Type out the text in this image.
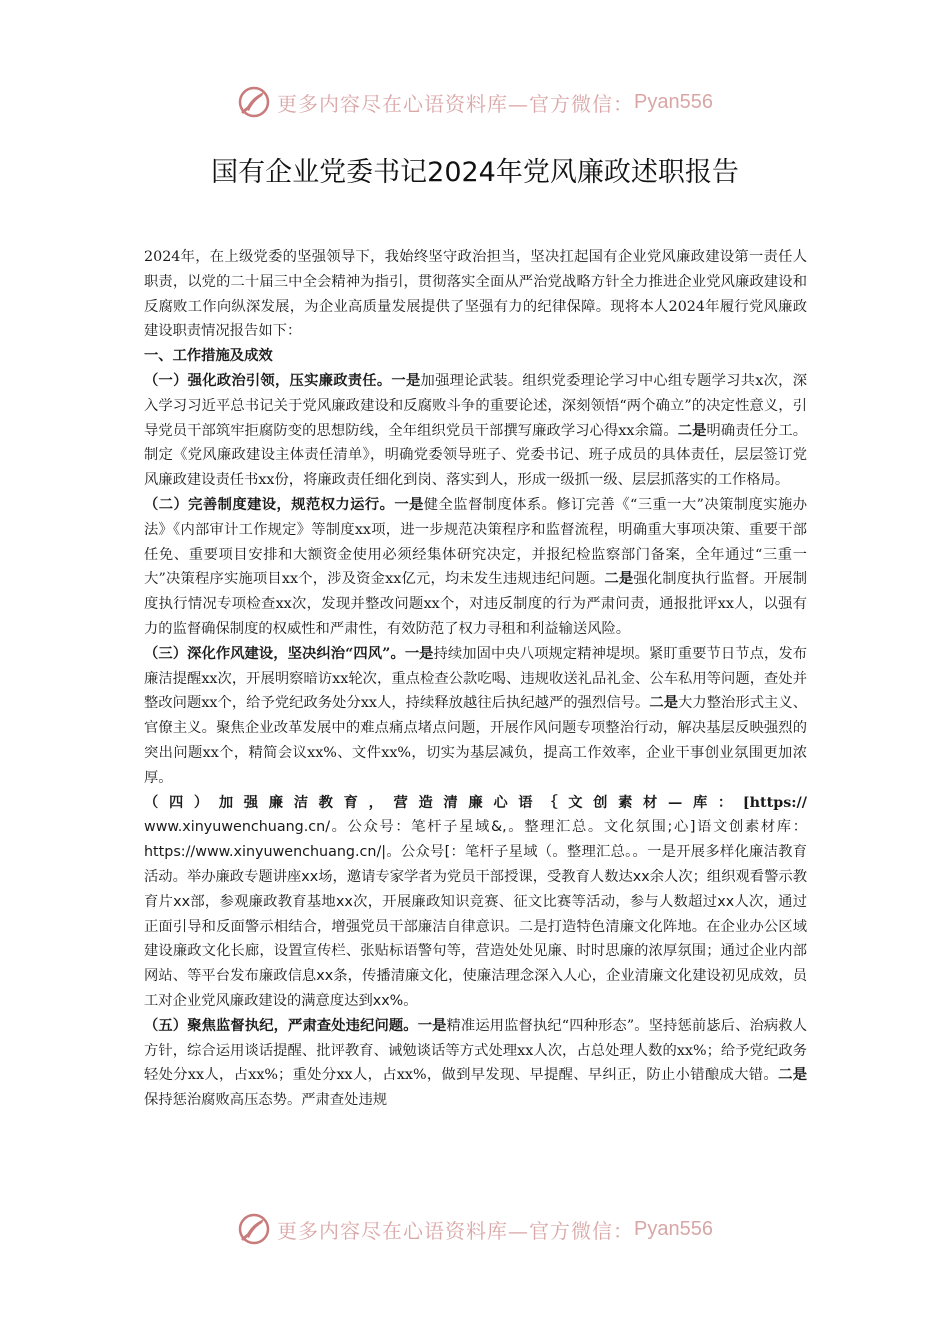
更多内容尽在心语资料库—官方微信： Pyan556
国有企业党委书记2024年党风廉政述职报告

2024年，在上级党委的坚强领导下，我始终坚守政治担当，坚决扛起国有企业党风廉政建设第一责任人职责，以党的二十届三中全会精神为指引，贯彻落实全面从严治党战略方针全力推进企业党风廉政建设和反腐败工作向纵深发展，为企业高质量发展提供了坚强有力的纪律保障。现将本人2024年履行党风廉政建设职责情况报告如下：

一、工作措施及成效

（一）强化政治引领，压实廉政责任。一是加强理论武装。组织党委理论学习中心组专题学习共x次，深入学习习近平总书记关于党风廉政建设和反腐败斗争的重要论述，深刻领悟“两个确立”的决定性意义，引导党员干部筑牢拒腐防变的思想防线，全年组织党员干部撰写廉政学习心得xx余篇。二是明确责任分工。制定《党风廉政建设主体责任清单》，明确党委领导班子、党委书记、班子成员的具体责任，层层签订党风廉政建设责任书xx份，将廉政责任细化到岗、落实到人，形成一级抓一级、层层抓落实的工作格局。

（二）完善制度建设，规范权力运行。一是健全监督制度体系。修订完善《“三重一大”决策制度实施办法》《内部审计工作规定》等制度xx项，进一步规范决策程序和监督流程，明确重大事项决策、重要干部任免、重要项目安排和大额资金使用必须经集体研究决定，并报纪检监察部门备案，全年通过“三重一大”决策程序实施项目xx个，涉及资金xx亿元，均未发生违规违纪问题。二是强化制度执行监督。开展制度执行情况专项检查xx次，发现并整改问题xx个，对违反制度的行为严肃问责，通报批评xx人，以强有力的监督确保制度的权威性和严肃性，有效防范了权力寻租和利益输送风险。

（三）深化作风建设，坚决纠治“四风”。一是持续加固中央八项规定精神堤坝。紧盯重要节日节点，发布廉洁提醒xx次，开展明察暗访xx轮次，重点检查公款吃喝、违规收送礼品礼金、公车私用等问题，查处并整改问题xx个，给予党纪政务处分xx人，持续释放越往后执纪越严的强烈信号。二是大力整治形式主义、官僚主义。聚焦企业改革发展中的难点痛点堵点问题，开展作风问题专项整治行动，解决基层反映强烈的突出问题xx个，精简会议xx%、文件xx%，切实为基层减负，提高工作效率，企业干事创业氛围更加浓厚。

（四）加强廉洁教育，营造清廉心语｛文创素材—库：[https://

www.xinyuwenchuang.cn/。公众号：笔杆子星域&,。整理汇总。文化氛围;心]语文创素材库：https://www.xinyuwenchuang.cn/|。公众号[：笔杆子星域（。整理汇总。。一是开展多样化廉洁教育活动。举办廉政专题讲座xx场，邀请专家学者为党员干部授课，受教育人数达xx余人次；组织观看警示教育片xx部，参观廉政教育基地xx次，开展廉政知识竞赛、征文比赛等活动，参与人数超过xx人次，通过正面引导和反面警示相结合，增强党员干部廉洁自律意识。二是打造特色清廉文化阵地。在企业办公区域建设廉政文化长廊，设置宣传栏、张贴标语警句等，营造处处见廉、时时思廉的浓厚氛围；通过企业内部网站、等平台发布廉政信息xx条，传播清廉文化，使廉洁理念深入人心，企业清廉文化建设初见成效，员工对企业党风廉政建设的满意度达到xx%。

（五）聚焦监督执纪，严肃查处违纪问题。一是精准运用监督执纪“四种形态”。坚持惩前毖后、治病救人方针，综合运用谈话提醒、批评教育、诫勉谈话等方式处理xx人次，占总处理人数的xx%；给予党纪政务轻处分xx人，占xx%；重处分xx人，占xx%，做到早发现、早提醒、早纠正，防止小错酿成大错。二是保持惩治腐败高压态势。严肃查处违规

更多内容尽在心语资料库—官方微信： Pyan556
